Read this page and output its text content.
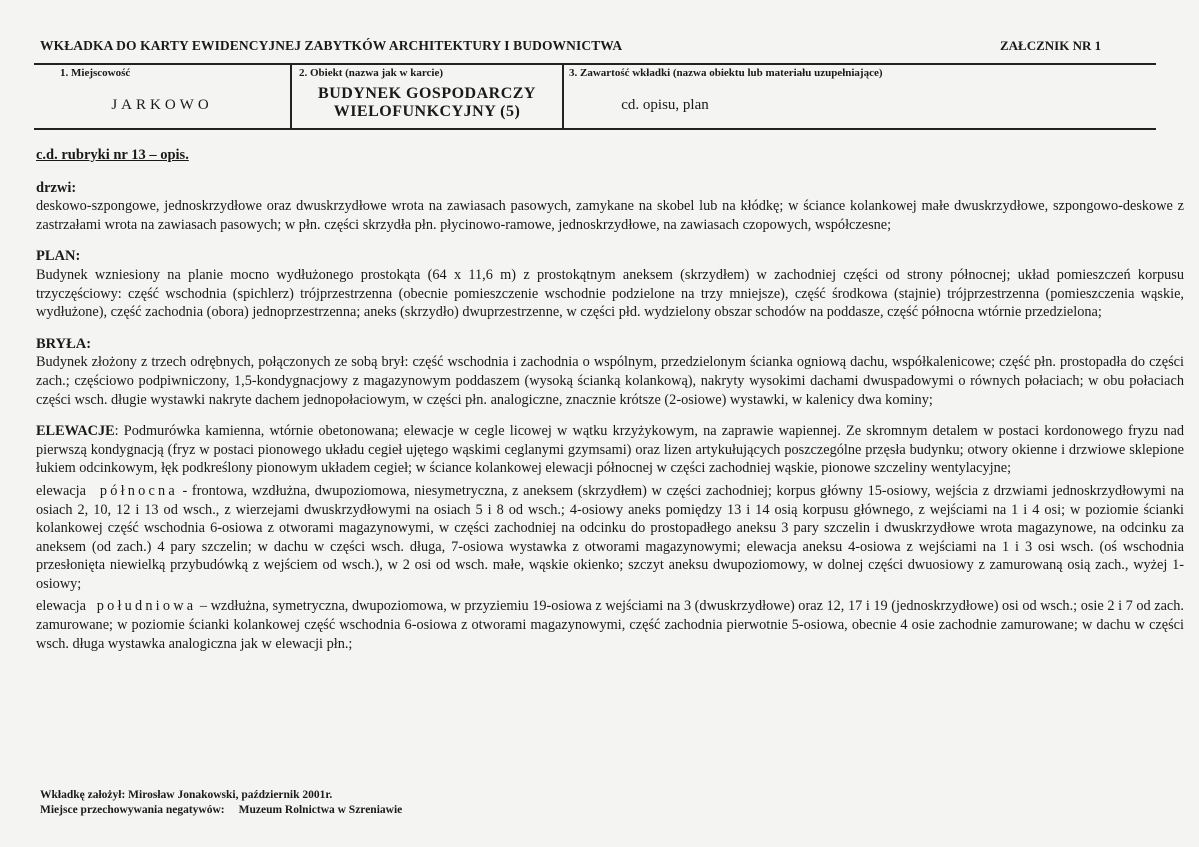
WKŁADKA DO KARTY EWIDENCYJNEJ ZABYTKÓW ARCHITEKTURY I BUDOWNICTWA	ZAŁCZNIK NR 1
1. Miejscowość
JARKOWO
2. Obiekt (nazwa jak w karcie)
BUDYNEK GOSPODARCZY
WIELOFUNKCYJNY (5)
3. Zawartość wkładki (nazwa obiektu lub materiału uzupełniające)
cd. opisu, plan

c.d. rubryki nr 13 – opis.

drzwi:

deskowo-szpongowe, jednoskrzydłowe oraz dwuskrzydłowe wrota na zawiasach pasowych, zamykane na skobel lub na kłódkę; w ściance kolankowej małe dwuskrzydłowe, szpongowo-deskowe z zastrzałami wrota na zawiasach pasowych; w płn. części skrzydła płn. płycinowo-ramowe, jednoskrzydłowe, na zawiasach czopowych, współczesne;

PLAN:

Budynek wzniesiony na planie mocno wydłużonego prostokąta (64 x 11,6 m) z prostokątnym aneksem (skrzydłem) w zachodniej części od strony północnej; układ pomieszczeń korpusu trzyczęściowy: część wschodnia (spichlerz) trójprzestrzenna (obecnie pomieszczenie wschodnie podzielone na trzy mniejsze), część środkowa (stajnie) trójprzestrzenna (pomieszczenia wąskie, wydłużone), część zachodnia (obora) jednoprzestrzenna; aneks (skrzydło) dwuprzestrzenne, w części płd. wydzielony obszar schodów na poddasze, część północna wtórnie przedzielona;

BRYŁA:

Budynek złożony z trzech odrębnych, połączonych ze sobą brył: część wschodnia i zachodnia o wspólnym, przedzielonym ścianka ogniową dachu, współkalenicowe; część płn. prostopadła do części zach.; częściowo podpiwniczony, 1,5-kondygnacjowy z magazynowym poddaszem (wysoką ścianką kolankową), nakryty wysokimi dachami dwuspadowymi o równych połaciach; w obu połaciach części wsch. długie wystawki nakryte dachem jednopołaciowym, w części płn. analogiczne, znacznie krótsze (2-osiowe) wystawki, w kalenicy dwa kominy;

ELEWACJE: Podmurówka kamienna, wtórnie obetonowana; elewacje w cegle licowej w wątku krzyżykowym, na zaprawie wapiennej. Ze skromnym detalem w postaci kordonowego fryzu nad pierwszą kondygnacją (fryz w postaci pionowego układu cegieł ujętego wąskimi ceglanymi gzymsami) oraz lizen artykułujących poszczególne przęsła budynku; otwory okienne i drzwiowe sklepione łukiem odcinkowym, łęk podkreślony pionowym układem cegieł; w ściance kolankowej elewacji północnej w części zachodniej wąskie, pionowe szczeliny wentylacyjne;

elewacja północna - frontowa, wzdłużna, dwupoziomowa, niesymetryczna, z aneksem (skrzydłem) w części zachodniej; korpus główny 15-osiowy, wejścia z drzwiami jednoskrzydłowymi na osiach 2, 10, 12 i 13 od wsch., z wierzejami dwuskrzydłowymi na osiach 5 i 8 od wsch.; 4-osiowy aneks pomiędzy 13 i 14 osią korpusu głównego, z wejściami na 1 i 4 osi; w poziomie ścianki kolankowej część wschodnia 6-osiowa z otworami magazynowymi, w części zachodniej na odcinku do prostopadłego aneksu 3 pary szczelin i dwuskrzydłowe wrota magazynowe, na odcinku za aneksem (od zach.) 4 pary szczelin; w dachu w części wsch. długa, 7-osiowa wystawka z otworami magazynowymi; elewacja aneksu 4-osiowa z wejściami na 1 i 3 osi wsch. (oś wschodnia przesłonięta niewielką przybudówką z wejściem od wsch.), w 2 osi od wsch. małe, wąskie okienko; szczyt aneksu dwupoziomowy, w dolnej części dwuosiowy z zamurowaną osią zach., wyżej 1-osiowy;

elewacja południowa – wzdłużna, symetryczna, dwupoziomowa, w przyziemiu 19-osiowa z wejściami na 3 (dwuskrzydłowe) oraz 12, 17 i 19 (jednoskrzydłowe) osi od wsch.; osie 2 i 7 od zach. zamurowane; w poziomie ścianki kolankowej część wschodnia 6-osiowa z otworami magazynowymi, część zachodnia pierwotnie 5-osiowa, obecnie 4 osie zachodnie zamurowane; w dachu w części wsch. długa wystawka analogiczna jak w elewacji płn.;

Wkładkę założył: Mirosław Jonakowski, październik 2001r.
Miejsce przechowywania negatywów: Muzeum Rolnictwa w Szreniawie
